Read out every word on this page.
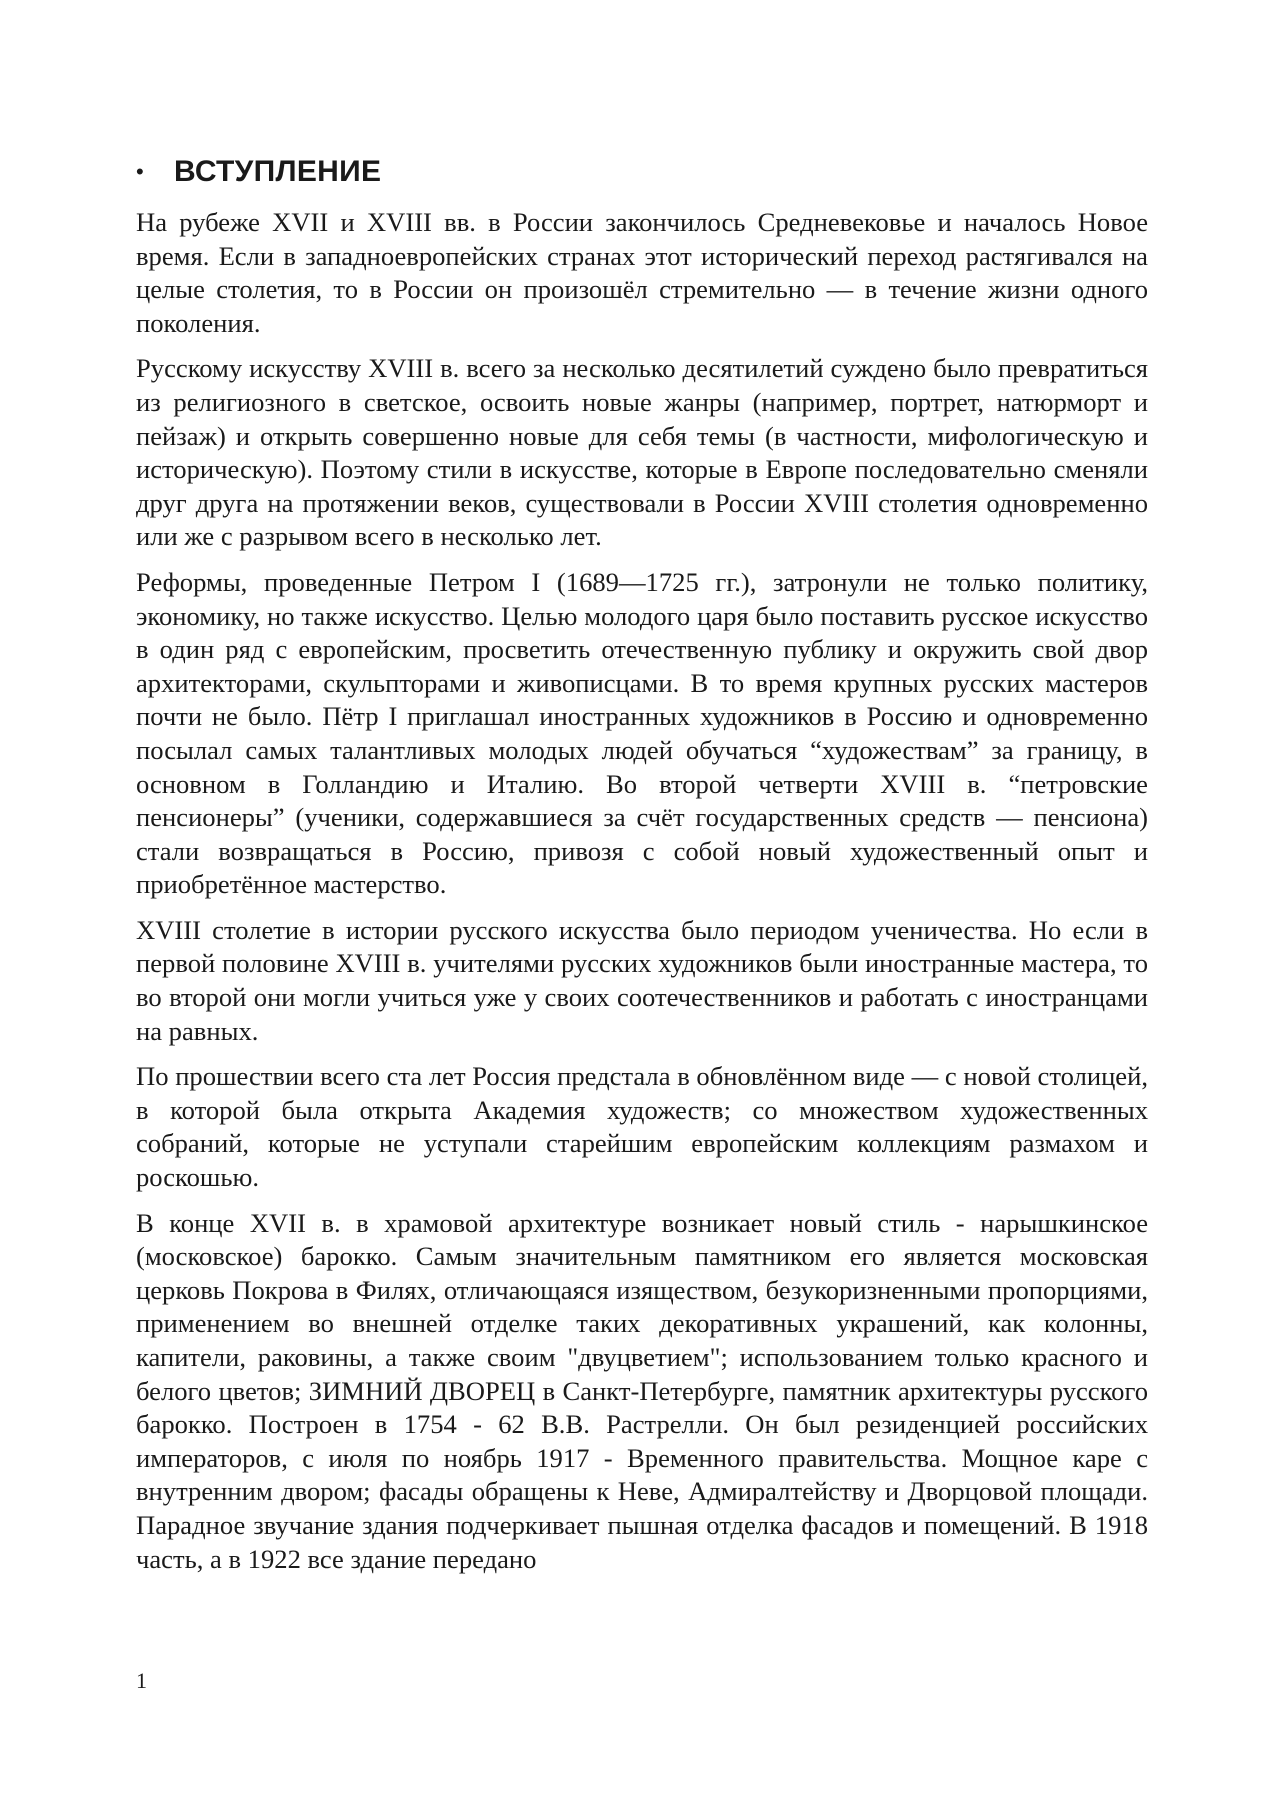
•	ВСТУПЛЕНИЕ

На рубеже XVII и XVIII вв. в России закончилось Средневековье и началось Новое время. Если в западноевропейских странах этот исторический переход растягивался на целые столетия, то в России он произошёл стремительно — в течение жизни одного поколения.

Русскому искусству XVIII в. всего за несколько десятилетий суждено было превратиться из религиозного в светское, освоить новые жанры (например, портрет, натюрморт и пейзаж) и открыть совершенно новые для себя темы (в частности, мифологическую и историческую). Поэтому стили в искусстве, которые в Европе последовательно сменяли друг друга на протяжении веков, существовали в России XVIII столетия одновременно или же с разрывом всего в несколько лет.

Реформы, проведенные Петром I (1689—1725 гг.), затронули не только политику, экономику, но также искусство. Целью молодого царя было поставить русское искусство в один ряд с европейским, просветить отечественную публику и окружить свой двор архитекторами, скульпторами и живописцами. В то время крупных русских мастеров почти не было. Пётр I приглашал иностранных художников в Россию и одновременно посылал самых талантливых молодых людей обучаться “художествам” за границу, в основном в Голландию и Италию. Во второй четверти XVIII в. “петровские пенсионеры” (ученики, содержавшиеся за счёт государственных средств — пенсиона) стали возвращаться в Россию, привозя с собой новый художественный опыт и приобретённое мастерство.

XVIII столетие в истории русского искусства было периодом ученичества. Но если в первой половине XVIII в. учителями русских художников были иностранные мастера, то во второй они могли учиться уже у своих соотечественников и работать с иностранцами на равных.

По прошествии всего ста лет Россия предстала в обновлённом виде — с новой столицей, в которой была открыта Академия художеств; со множеством художественных собраний, которые не уступали старейшим европейским коллекциям размахом и роскошью.

В конце XVII в. в храмовой архитектуре возникает новый стиль - нарышкинское (московское) барокко. Самым значительным памятником его является московская церковь Покрова в Филях, отличающаяся изяществом, безукоризненными пропорциями, применением во внешней отделке таких декоративных украшений, как колонны, капители, раковины, а также своим "двуцветием"; использованием только красного и белого цветов; ЗИМНИЙ ДВОРЕЦ в Санкт-Петербурге, памятник архитектуры русского барокко. Построен в 1754 - 62 В.В. Растрелли. Он был резиденцией российских императоров, с июля по ноябрь 1917 - Временного правительства. Мощное каре с внутренним двором; фасады обращены к Неве, Адмиралтейству и Дворцовой площади. Парадное звучание здания подчеркивает пышная отделка фасадов и помещений. В 1918 часть, а в 1922 все здание передано

1
